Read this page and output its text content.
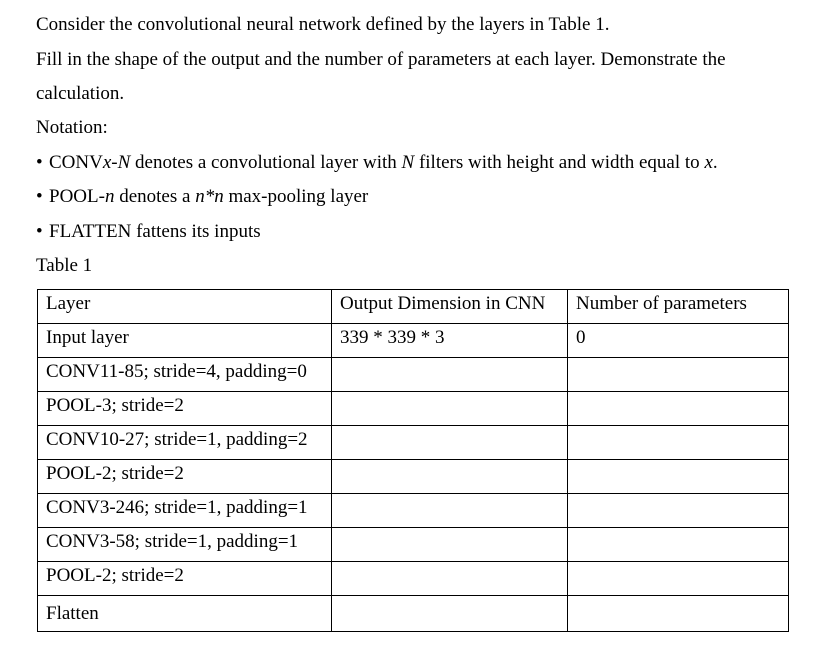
Consider the convolutional neural network defined by the layers in Table 1.
Fill in the shape of the output and the number of parameters at each layer. Demonstrate the
calculation.
Notation:
• CONVx-N denotes a convolutional layer with N filters with height and width equal to x.
• POOL-n denotes a n*n max-pooling layer
• FLATTEN fattens its inputs
Table 1
Layer	Output Dimension in CNN	Number of parameters
Input layer	339 * 339 * 3	0
CONV11-85; stride=4, padding=0		
POOL-3; stride=2		
CONV10-27; stride=1, padding=2		
POOL-2; stride=2		
CONV3-246; stride=1, padding=1		
CONV3-58; stride=1, padding=1		
POOL-2; stride=2		
Flatten		
